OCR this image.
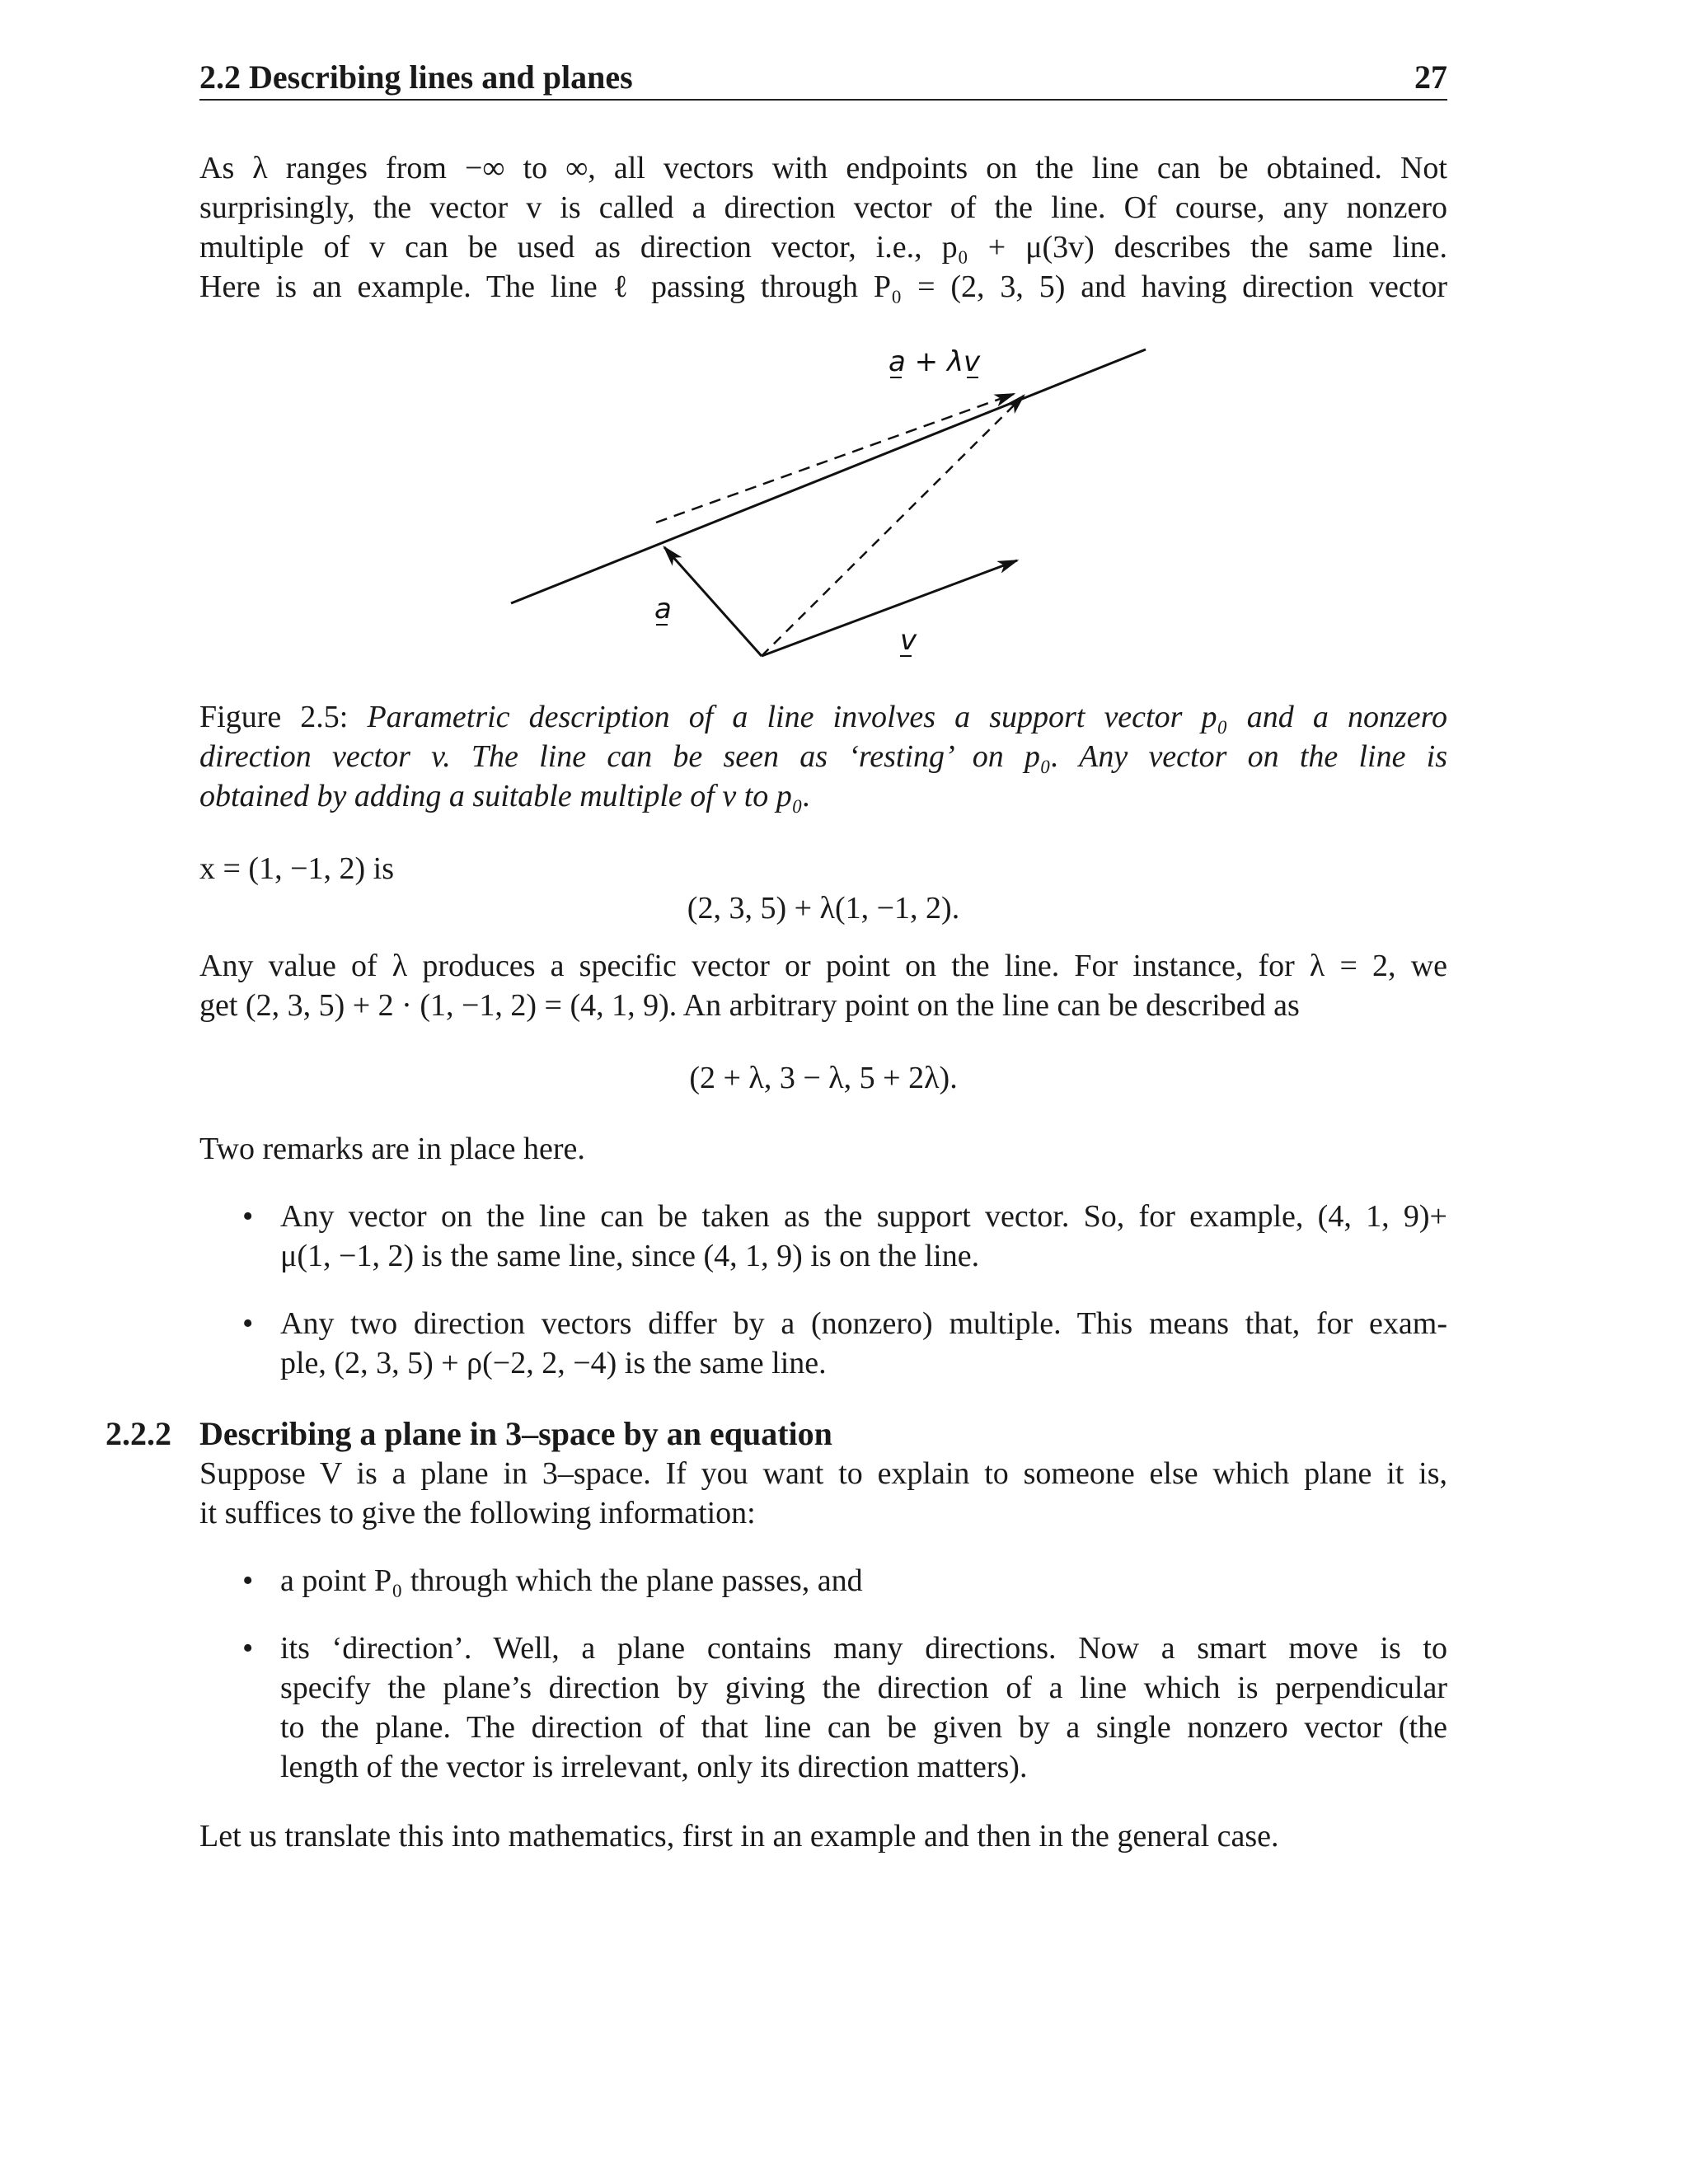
2.2 Describing lines and planes	27
As λ ranges from −∞ to ∞, all vectors with endpoints on the line can be obtained. Not
surprisingly, the vector v is called a direction vector of the line. Of course, any nonzero
multiple of v can be used as direction vector, i.e., p₀ + μ(3v) describes the same line.
Here is an example. The line ℓ passing through P₀ = (2, 3, 5) and having direction vector
a + λv
a
v
Figure 2.5: Parametric description of a line involves a support vector p₀ and a nonzero
direction vector v. The line can be seen as ‘resting’ on p₀. Any vector on the line is
obtained by adding a suitable multiple of v to p₀.
x = (1, −1, 2) is
(2, 3, 5) + λ(1, −1, 2).
Any value of λ produces a specific vector or point on the line. For instance, for λ = 2, we
get (2, 3, 5) + 2 · (1, −1, 2) = (4, 1, 9). An arbitrary point on the line can be described as
(2 + λ, 3 − λ, 5 + 2λ).
Two remarks are in place here.
• Any vector on the line can be taken as the support vector. So, for example, (4, 1, 9)+
μ(1, −1, 2) is the same line, since (4, 1, 9) is on the line.
• Any two direction vectors differ by a (nonzero) multiple. This means that, for exam-
ple, (2, 3, 5) + ρ(−2, 2, −4) is the same line.
2.2.2 Describing a plane in 3–space by an equation
Suppose V is a plane in 3–space. If you want to explain to someone else which plane it is,
it suffices to give the following information:
• a point P₀ through which the plane passes, and
• its ‘direction’. Well, a plane contains many directions. Now a smart move is to
specify the plane’s direction by giving the direction of a line which is perpendicular
to the plane. The direction of that line can be given by a single nonzero vector (the
length of the vector is irrelevant, only its direction matters).
Let us translate this into mathematics, first in an example and then in the general case.
